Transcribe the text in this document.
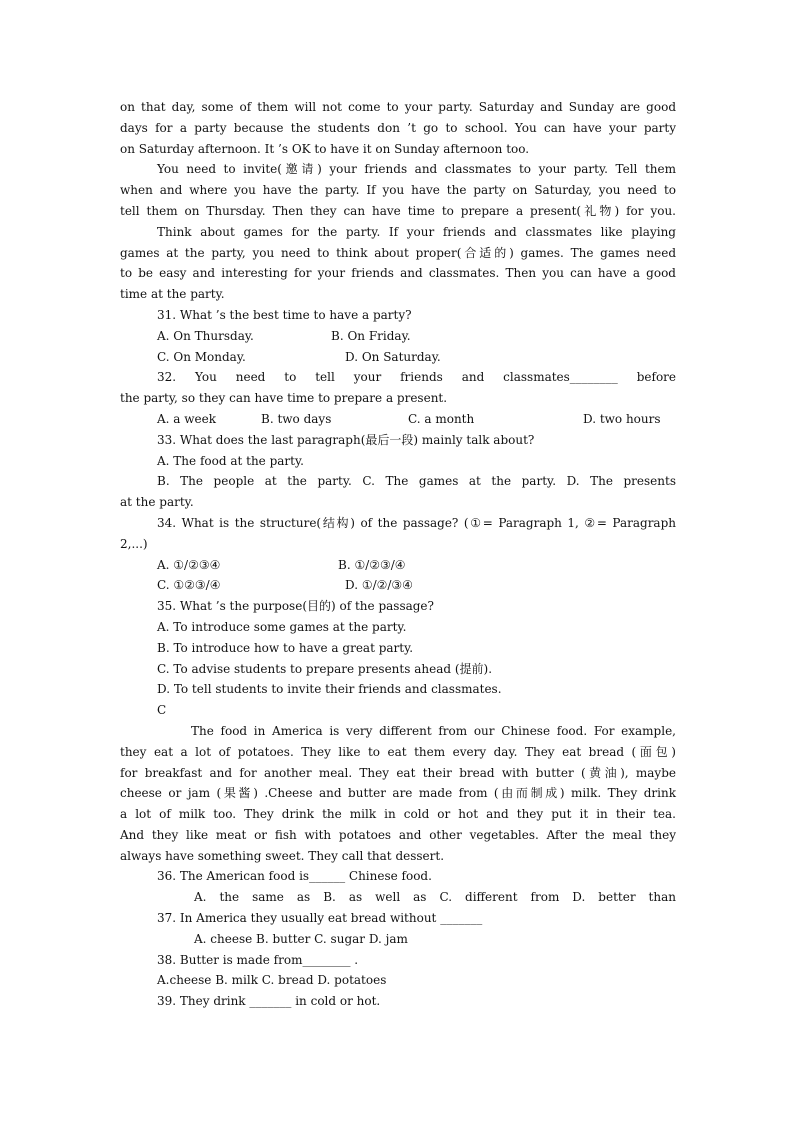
on that day, some of them will not come to your party. Saturday and Sunday are good
days for a party because the students don ’t go to school. You can have your party
on Saturday afternoon. It ’s OK to have it on Sunday afternoon too.
You need to invite(邀请) your friends and classmates to your party. Tell them
when and where you have the party. If you have the party on Saturday, you need to
tell them on Thursday. Then they can have time to prepare a present(礼物) for you.
Think about games for the party. If your friends and classmates like playing
games at the party, you need to think about proper(合适的) games. The games need
to be easy and interesting for your friends and classmates. Then you can have a good
time at the party.
31. What ’s the best time to have a party?
A. On Thursday.	B. On Friday.
C. On Monday.	D. On Saturday.
32. You need to tell your friends and classmates________ before
the party, so they can have time to prepare a present.
A. a week	B. two days	C. a month	D. two hours
33. What does the last paragraph(最后一段) mainly talk about?
A. The food at the party.
B. The people at the party. C. The games at the party. D. The presents
at the party.
34. What is the structure(结构) of the passage? (①= Paragraph 1, ②= Paragraph
2,...)
A. ①/②③④	B. ①/②③/④
C. ①②③/④	D. ①/②/③④
35. What ’s the purpose(目的) of the passage?
A. To introduce some games at the party.
B. To introduce how to have a great party.
C. To advise students to prepare presents ahead (提前).
D. To tell students to invite their friends and classmates.
C
The food in America is very different from our Chinese food. For example,
they eat a lot of potatoes. They like to eat them every day. They eat bread (面包)
for breakfast and for another meal. They eat their bread with butter (黄油), maybe
cheese or jam (果酱) .Cheese and butter are made from (由而制成) milk. They drink
a lot of milk too. They drink the milk in cold or hot and they put it in their tea.
And they like meat or fish with potatoes and other vegetables. After the meal they
always have something sweet. They call that dessert.
36. The American food is______ Chinese food.
A. the same as B. as well as C. different from D. better than
37. In America they usually eat bread without _______
A. cheese B. butter C. sugar D. jam
38. Butter is made from________ .
A.cheese B. milk C. bread D. potatoes
39. They drink _______ in cold or hot.
